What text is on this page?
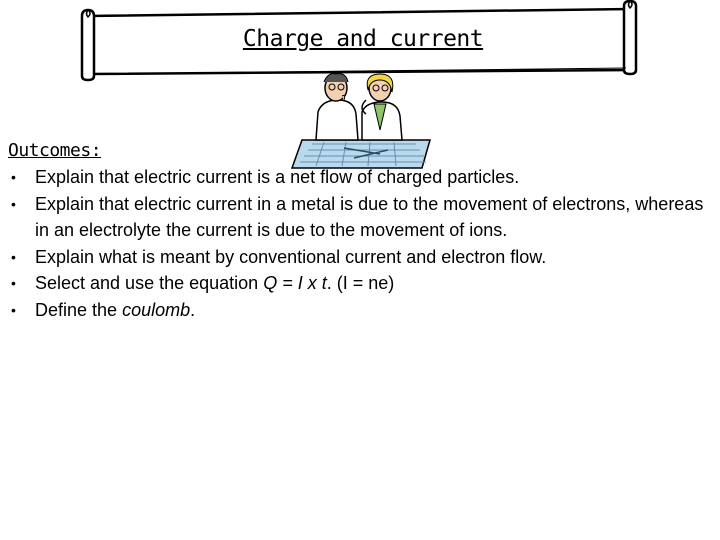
Charge and current
Outcomes:
• Explain that electric current is a net flow of charged particles.
• Explain that electric current in a metal is due to the movement of electrons, whereas in an electrolyte the current is due to the movement of ions.
• Explain what is meant by conventional current and electron flow.
• Select and use the equation Q = I x t. (I = ne)
• Define the coulomb.
